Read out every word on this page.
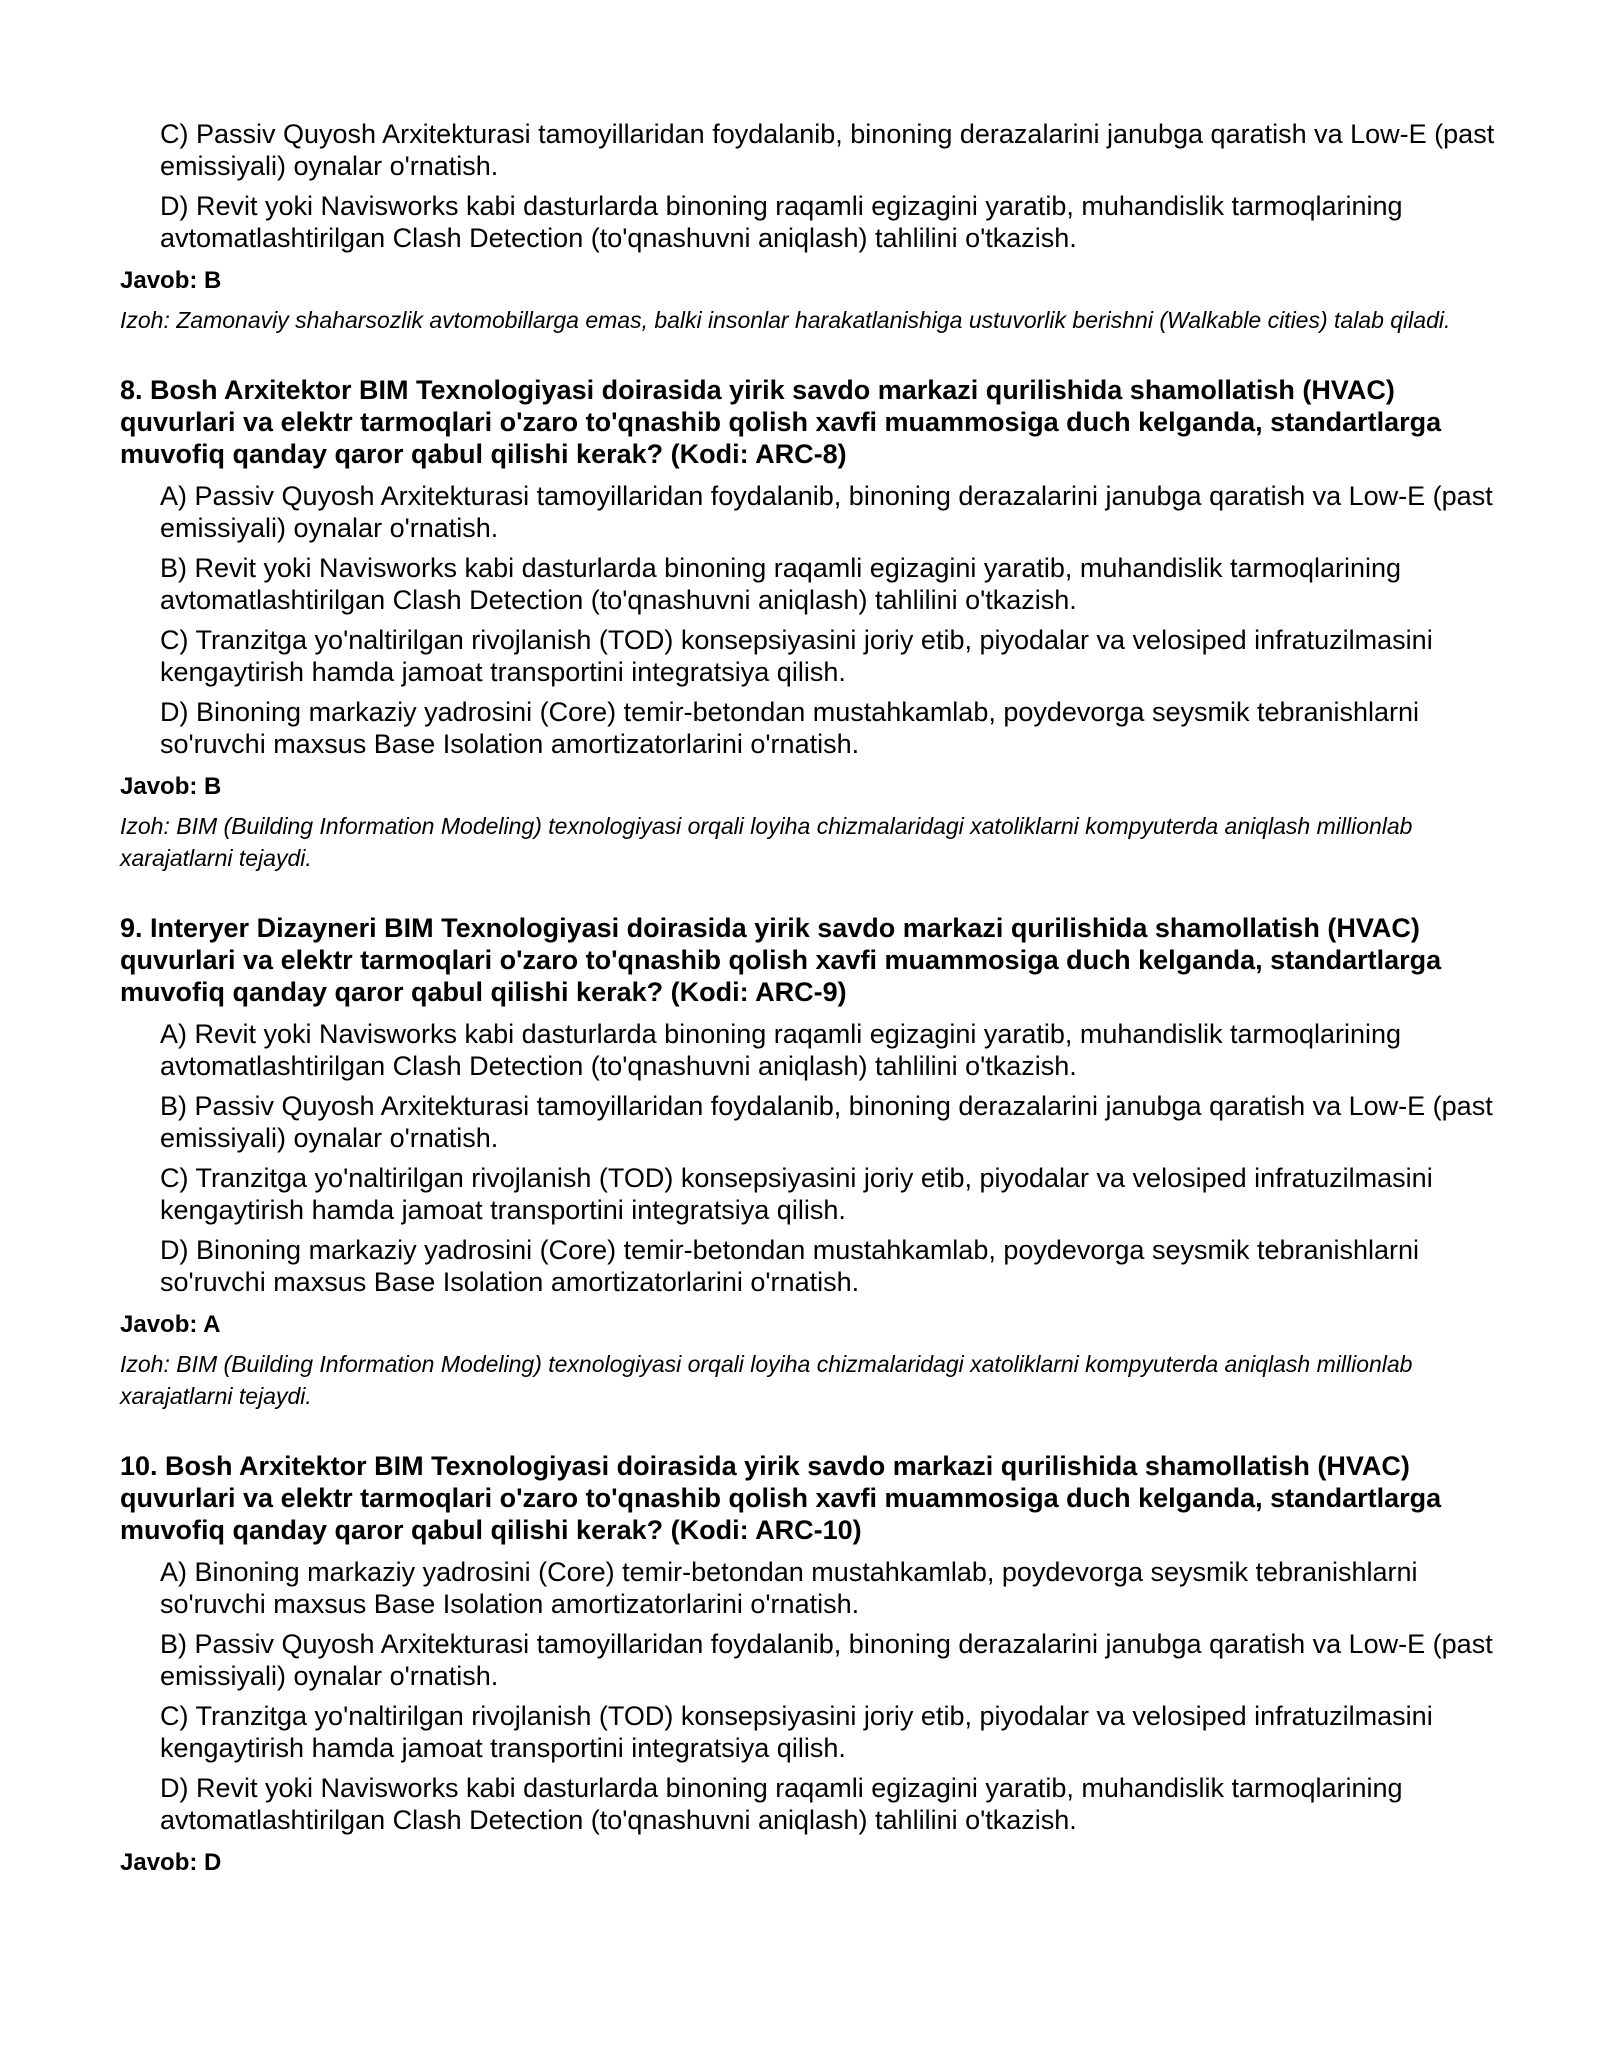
C) Passiv Quyosh Arxitekturasi tamoyillaridan foydalanib, binoning derazalarini janubga qaratish va Low-E (past emissiyali) oynalar o'rnatish.
D) Revit yoki Navisworks kabi dasturlarda binoning raqamli egizagini yaratib, muhandislik tarmoqlarining avtomatlashtirilgan Clash Detection (to'qnashuvni aniqlash) tahlilini o'tkazish.
Javob: B
Izoh: Zamonaviy shaharsozlik avtomobillarga emas, balki insonlar harakatlanishiga ustuvorlik berishni (Walkable cities) talab qiladi.
8. Bosh Arxitektor BIM Texnologiyasi doirasida yirik savdo markazi qurilishida shamollatish (HVAC) quvurlari va elektr tarmoqlari o'zaro to'qnashib qolish xavfi muammosiga duch kelganda, standartlarga muvofiq qanday qaror qabul qilishi kerak? (Kodi: ARC-8)
A) Passiv Quyosh Arxitekturasi tamoyillaridan foydalanib, binoning derazalarini janubga qaratish va Low-E (past emissiyali) oynalar o'rnatish.
B) Revit yoki Navisworks kabi dasturlarda binoning raqamli egizagini yaratib, muhandislik tarmoqlarining avtomatlashtirilgan Clash Detection (to'qnashuvni aniqlash) tahlilini o'tkazish.
C) Tranzitga yo'naltirilgan rivojlanish (TOD) konsepsiyasini joriy etib, piyodalar va velosiped infratuzilmasini kengaytirish hamda jamoat transportini integratsiya qilish.
D) Binoning markaziy yadrosini (Core) temir-betondan mustahkamlab, poydevorga seysmik tebranishlarni so'ruvchi maxsus Base Isolation amortizatorlarini o'rnatish.
Javob: B
Izoh: BIM (Building Information Modeling) texnologiyasi orqali loyiha chizmalaridagi xatoliklarni kompyuterda aniqlash millionlab xarajatlarni tejaydi.
9. Interyer Dizayneri BIM Texnologiyasi doirasida yirik savdo markazi qurilishida shamollatish (HVAC) quvurlari va elektr tarmoqlari o'zaro to'qnashib qolish xavfi muammosiga duch kelganda, standartlarga muvofiq qanday qaror qabul qilishi kerak? (Kodi: ARC-9)
A) Revit yoki Navisworks kabi dasturlarda binoning raqamli egizagini yaratib, muhandislik tarmoqlarining avtomatlashtirilgan Clash Detection (to'qnashuvni aniqlash) tahlilini o'tkazish.
B) Passiv Quyosh Arxitekturasi tamoyillaridan foydalanib, binoning derazalarini janubga qaratish va Low-E (past emissiyali) oynalar o'rnatish.
C) Tranzitga yo'naltirilgan rivojlanish (TOD) konsepsiyasini joriy etib, piyodalar va velosiped infratuzilmasini kengaytirish hamda jamoat transportini integratsiya qilish.
D) Binoning markaziy yadrosini (Core) temir-betondan mustahkamlab, poydevorga seysmik tebranishlarni so'ruvchi maxsus Base Isolation amortizatorlarini o'rnatish.
Javob: A
Izoh: BIM (Building Information Modeling) texnologiyasi orqali loyiha chizmalaridagi xatoliklarni kompyuterda aniqlash millionlab xarajatlarni tejaydi.
10. Bosh Arxitektor BIM Texnologiyasi doirasida yirik savdo markazi qurilishida shamollatish (HVAC) quvurlari va elektr tarmoqlari o'zaro to'qnashib qolish xavfi muammosiga duch kelganda, standartlarga muvofiq qanday qaror qabul qilishi kerak? (Kodi: ARC-10)
A) Binoning markaziy yadrosini (Core) temir-betondan mustahkamlab, poydevorga seysmik tebranishlarni so'ruvchi maxsus Base Isolation amortizatorlarini o'rnatish.
B) Passiv Quyosh Arxitekturasi tamoyillaridan foydalanib, binoning derazalarini janubga qaratish va Low-E (past emissiyali) oynalar o'rnatish.
C) Tranzitga yo'naltirilgan rivojlanish (TOD) konsepsiyasini joriy etib, piyodalar va velosiped infratuzilmasini kengaytirish hamda jamoat transportini integratsiya qilish.
D) Revit yoki Navisworks kabi dasturlarda binoning raqamli egizagini yaratib, muhandislik tarmoqlarining avtomatlashtirilgan Clash Detection (to'qnashuvni aniqlash) tahlilini o'tkazish.
Javob: D
